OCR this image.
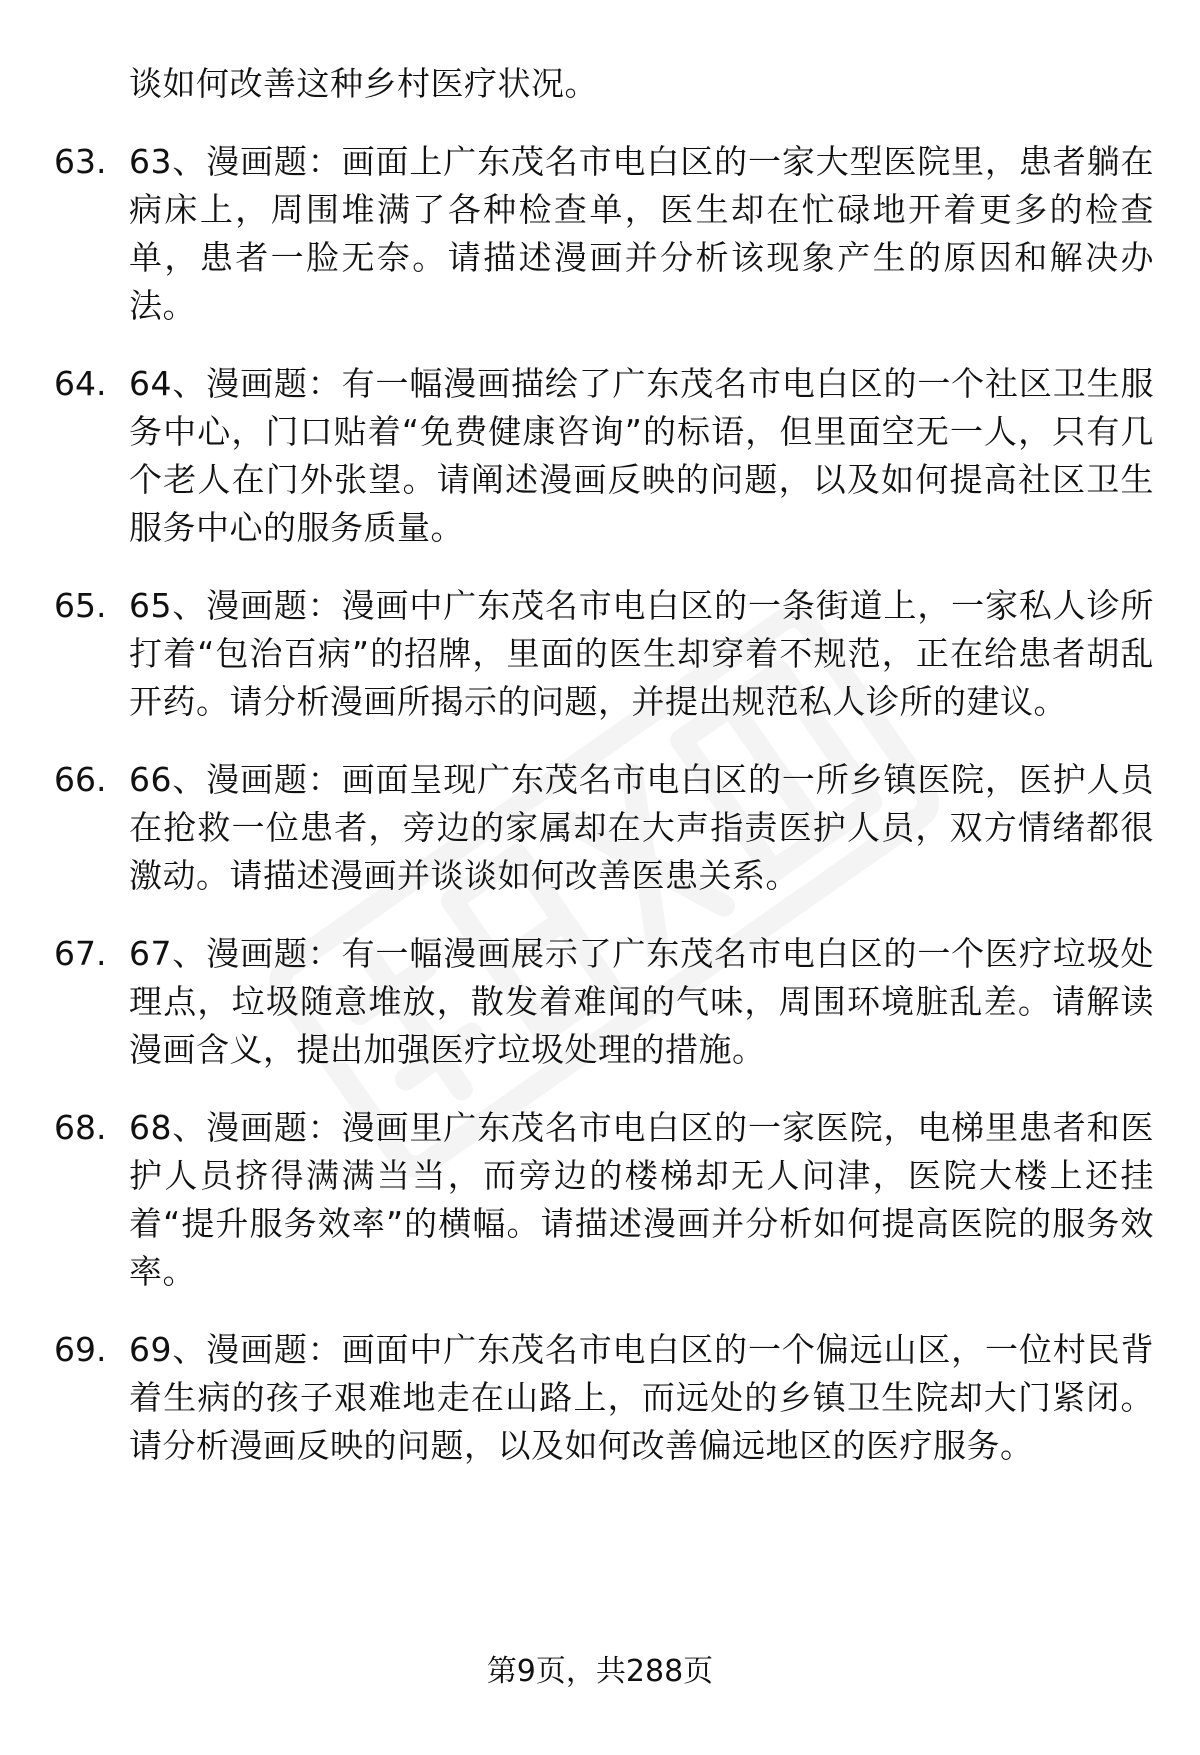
谈如何改善这种乡村医疗状况。

63. 63、漫画题：画面上广东茂名市电白区的一家大型医院里，患者躺在病床上，周围堆满了各种检查单，医生却在忙碌地开着更多的检查单，患者一脸无奈。请描述漫画并分析该现象产生的原因和解决办法。
64. 64、漫画题：有一幅漫画描绘了广东茂名市电白区的一个社区卫生服务中心，门口贴着“免费健康咨询”的标语，但里面空无一人，只有几个老人在门外张望。请阐述漫画反映的问题，以及如何提高社区卫生服务中心的服务质量。
65. 65、漫画题：漫画中广东茂名市电白区的一条街道上，一家私人诊所打着“包治百病”的招牌，里面的医生却穿着不规范，正在给患者胡乱开药。请分析漫画所揭示的问题，并提出规范私人诊所的建议。
66. 66、漫画题：画面呈现广东茂名市电白区的一所乡镇医院，医护人员在抢救一位患者，旁边的家属却在大声指责医护人员，双方情绪都很激动。请描述漫画并谈谈如何改善医患关系。
67. 67、漫画题：有一幅漫画展示了广东茂名市电白区的一个医疗垃圾处理点，垃圾随意堆放，散发着难闻的气味，周围环境脏乱差。请解读漫画含义，提出加强医疗垃圾处理的措施。
68. 68、漫画题：漫画里广东茂名市电白区的一家医院，电梯里患者和医护人员挤得满满当当，而旁边的楼梯却无人问津，医院大楼上还挂着“提升服务效率”的横幅。请描述漫画并分析如何提高医院的服务效率。
69. 69、漫画题：画面中广东茂名市电白区的一个偏远山区，一位村民背着生病的孩子艰难地走在山路上，而远处的乡镇卫生院却大门紧闭。请分析漫画反映的问题，以及如何改善偏远地区的医疗服务。
第9页，共288页
